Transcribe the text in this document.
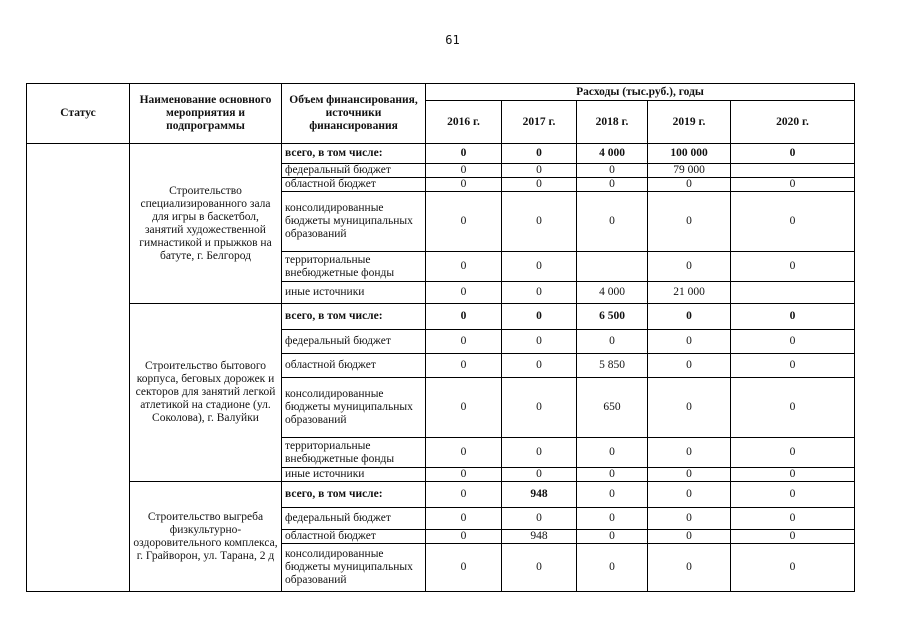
61
Статус	Наименование основного мероприятия и подпрограммы	Объем финансирования, источники финансирования	Расходы (тыс.руб.), годы				
			2016 г.	2017 г.	2018 г.	2019 г.	2020 г.
	Строительство специализированного зала для игры в баскетбол, занятий художественной гимнастикой и прыжков на батуте, г. Белгород	всего, в том числе:	0	0	4 000	100 000	0
		федеральный бюджет	0	0	0	79 000	
		областной бюджет	0	0	0	0	0
		консолидированные бюджеты муниципальных образований	0	0	0	0	0
		территориальные внебюджетные фонды	0	0		0	0
		иные источники	0	0	4 000	21 000	
	Строительство бытового корпуса, беговых дорожек и секторов для занятий легкой атлетикой на стадионе (ул. Соколова), г. Валуйки	всего, в том числе:	0	0	6 500	0	0
		федеральный бюджет	0	0	0	0	0
		областной бюджет	0	0	5 850	0	0
		консолидированные бюджеты муниципальных образований	0	0	650	0	0
		территориальные внебюджетные фонды	0	0	0	0	0
		иные источники	0	0	0	0	0
	Строительство выгреба физкультурно-оздоровительного комплекса, г. Грайворон, ул. Тарана, 2 д	всего, в том числе:	0	948	0	0	0
		федеральный бюджет	0	0	0	0	0
		областной бюджет	0	948	0	0	0
		консолидированные бюджеты муниципальных образований	0	0	0	0	0
